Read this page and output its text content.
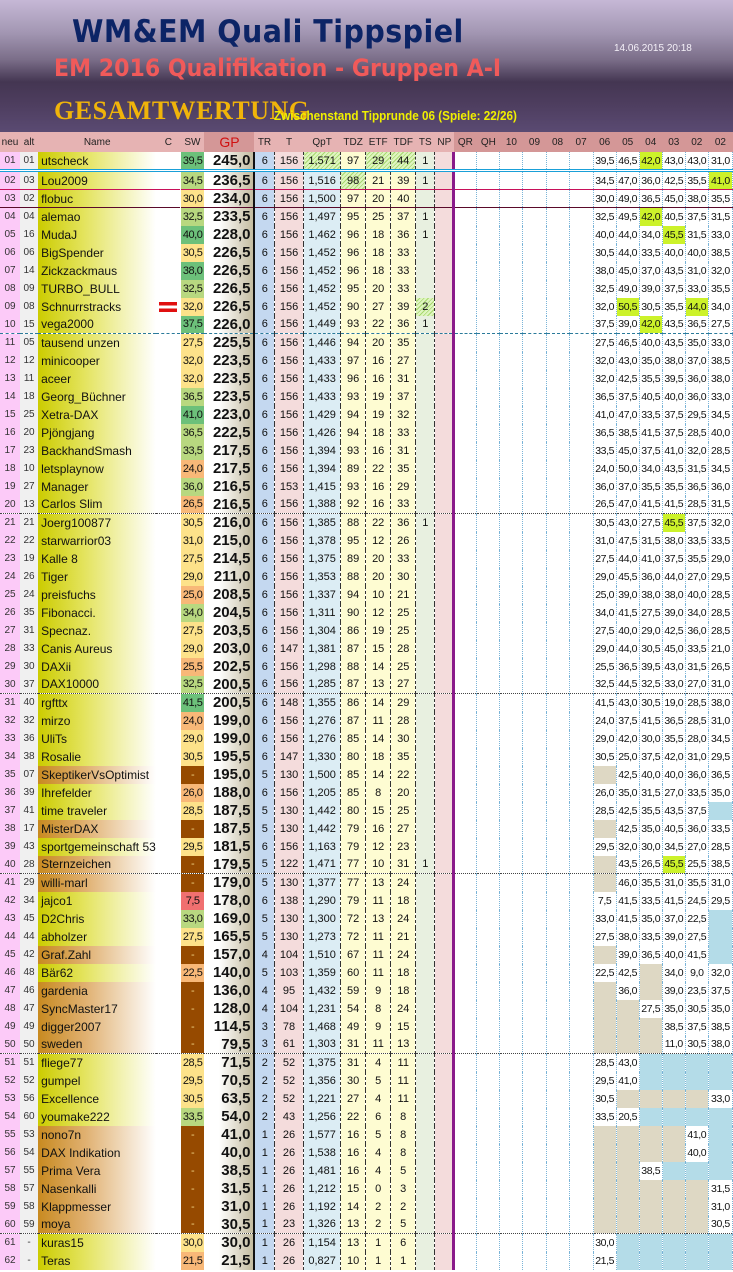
WM&EM Quali Tippspiel
EM 2016 Qualifikation - Gruppen A-I
GESAMTWERTUNG
Zwischenstand Tipprunde 06 (Spiele: 22/26)
14.06.2015 20:18
neu	alt	Name	C	SW	GP	TR	T	QpT	TDZ	ETF	TDF	TS	NP	QR	QH	10	09	08	07	06	05	04	03	02	02
01	01	utscheck		39,5	245,0	6	156	1,571	97	29	44	1								39,5	46,5	42,0	43,0	43,0	31,0
02	03	Lou2009		34,5	236,5	6	156	1,516	98	21	39	1								34,5	47,0	36,0	42,5	35,5	41,0
03	02	flobuc		30,0	234,0	6	156	1,500	97	20	40									30,0	49,0	36,5	45,0	38,0	35,5
04	04	alemao		32,5	233,5	6	156	1,497	95	25	37	1								32,5	49,5	42,0	40,5	37,5	31,5
05	16	MudaJ		40,0	228,0	6	156	1,462	96	18	36	1								40,0	44,0	34,0	45,5	31,5	33,0
06	06	BigSpender		30,5	226,5	6	156	1,452	96	18	33									30,5	44,0	33,5	40,0	40,0	38,5
07	14	Zickzackmaus		38,0	226,5	6	156	1,452	96	18	33									38,0	45,0	37,0	43,5	31,0	32,0
08	09	TURBO_BULL		32,5	226,5	6	156	1,452	95	20	33									32,5	49,0	39,0	37,5	33,0	35,5
09	08	Schnurrstracks		32,0	226,5	6	156	1,452	90	27	39	2								32,0	50,5	30,5	35,5	44,0	34,0
10	15	vega2000		37,5	226,0	6	156	1,449	93	22	36	1								37,5	39,0	42,0	43,5	36,5	27,5
11	05	tausend unzen		27,5	225,5	6	156	1,446	94	20	35									27,5	46,5	40,0	43,5	35,0	33,0
12	12	minicooper		32,0	223,5	6	156	1,433	97	16	27									32,0	43,0	35,0	38,0	37,0	38,5
13	11	aceer		32,0	223,5	6	156	1,433	96	16	31									32,0	42,5	35,5	39,5	36,0	38,0
14	18	Georg_Büchner		36,5	223,5	6	156	1,433	93	19	37									36,5	37,5	40,5	40,0	36,0	33,0
15	25	Xetra-DAX		41,0	223,0	6	156	1,429	94	19	32									41,0	47,0	33,5	37,5	29,5	34,5
16	20	Pjöngjang		36,5	222,5	6	156	1,426	94	18	33									36,5	38,5	41,5	37,5	28,5	40,0
17	23	BackhandSmash		33,5	217,5	6	156	1,394	93	16	31									33,5	45,0	37,5	41,0	32,0	28,5
18	10	letsplaynow		24,0	217,5	6	156	1,394	89	22	35									24,0	50,0	34,0	43,5	31,5	34,5
19	27	Manager		36,0	216,5	6	153	1,415	93	16	29									36,0	37,0	35,5	35,5	36,5	36,0
20	13	Carlos Slim		26,5	216,5	6	156	1,388	92	16	33									26,5	47,0	41,5	41,5	28,5	31,5
21	21	Joerg100877		30,5	216,0	6	156	1,385	88	22	36	1								30,5	43,0	27,5	45,5	37,5	32,0
22	22	starwarrior03		31,0	215,0	6	156	1,378	95	12	26									31,0	47,5	31,5	38,0	33,5	33,5
23	19	Kalle 8		27,5	214,5	6	156	1,375	89	20	33									27,5	44,0	41,0	37,5	35,5	29,0
24	26	Tiger		29,0	211,0	6	156	1,353	88	20	30									29,0	45,5	36,0	44,0	27,0	29,5
25	24	preisfuchs		25,0	208,5	6	156	1,337	94	10	21									25,0	39,0	38,0	38,0	40,0	28,5
26	35	Fibonacci.		34,0	204,5	6	156	1,311	90	12	25									34,0	41,5	27,5	39,0	34,0	28,5
27	31	Specnaz.		27,5	203,5	6	156	1,304	86	19	25									27,5	40,0	29,0	42,5	36,0	28,5
28	33	Canis Aureus		29,0	203,0	6	147	1,381	87	15	28									29,0	44,0	30,5	45,0	33,5	21,0
29	30	DAXii		25,5	202,5	6	156	1,298	88	14	25									25,5	36,5	39,5	43,0	31,5	26,5
30	37	DAX10000		32,5	200,5	6	156	1,285	87	13	27									32,5	44,5	32,5	33,0	27,0	31,0
31	40	rgfttx		41,5	200,5	6	148	1,355	86	14	29									41,5	43,0	30,5	19,0	28,5	38,0
32	32	mirzo		24,0	199,0	6	156	1,276	87	11	28									24,0	37,5	41,5	36,5	28,5	31,0
33	36	UliTs		29,0	199,0	6	156	1,276	85	14	30									29,0	42,0	30,0	35,5	28,0	34,5
34	38	Rosalie		30,5	195,5	6	147	1,330	80	18	35									30,5	25,0	37,5	42,0	31,0	29,5
35	07	SkeptikerVsOptimist		-	195,0	5	130	1,500	85	14	22										42,5	40,0	40,0	36,0	36,5
36	39	Ihrefelder		26,0	188,0	6	156	1,205	85	8	20									26,0	35,0	31,5	27,0	33,5	35,0
37	41	time traveler		28,5	187,5	5	130	1,442	80	15	25									28,5	42,5	35,5	43,5	37,5	
38	17	MisterDAX		-	187,5	5	130	1,442	79	16	27										42,5	35,0	40,5	36,0	33,5
39	43	sportgemeinschaft 53		29,5	181,5	6	156	1,163	79	12	23									29,5	32,0	30,0	34,5	27,0	28,5
40	28	Sternzeichen		-	179,5	5	122	1,471	77	10	31	1									43,5	26,5	45,5	25,5	38,5
41	29	willi-marl		-	179,0	5	130	1,377	77	13	24										46,0	35,5	31,0	35,5	31,0
42	34	jajco1		7,5	178,0	6	138	1,290	79	11	18									7,5	41,5	33,5	41,5	24,5	29,5
43	45	D2Chris		33,0	169,0	5	130	1,300	72	13	24									33,0	41,5	35,0	37,0	22,5	
44	44	abholzer		27,5	165,5	5	130	1,273	72	11	21									27,5	38,0	33,5	39,0	27,5	
45	42	Graf.Zahl		-	157,0	4	104	1,510	67	11	24										39,0	36,5	40,0	41,5	
46	48	Bär62		22,5	140,0	5	103	1,359	60	11	18									22,5	42,5		34,0	9,0	32,0
47	46	gardenia		-	136,0	4	95	1,432	59	9	18										36,0		39,0	23,5	37,5
48	47	SyncMaster17		-	128,0	4	104	1,231	54	8	24											27,5	35,0	30,5	35,0
49	49	digger2007		-	114,5	3	78	1,468	49	9	15												38,5	37,5	38,5
50	50	sweden		-	79,5	3	61	1,303	31	11	13												11,0	30,5	38,0
51	51	fliege77		28,5	71,5	2	52	1,375	31	4	11									28,5	43,0				
52	52	gumpel		29,5	70,5	2	52	1,356	30	5	11									29,5	41,0				
53	56	Excellence		30,5	63,5	2	52	1,221	27	4	11									30,5					33,0
54	60	youmake222		33,5	54,0	2	43	1,256	22	6	8									33,5	20,5				
55	53	nono7n		-	41,0	1	26	1,577	16	5	8													41,0	
56	54	DAX Indikation		-	40,0	1	26	1,538	16	4	8													40,0	
57	55	Prima Vera		-	38,5	1	26	1,481	16	4	5											38,5			
58	57	Nasenkalli		-	31,5	1	26	1,212	15	0	3														31,5
59	58	Klappmesser		-	31,0	1	26	1,192	14	2	2														31,0
60	59	moya		-	30,5	1	23	1,326	13	2	5														30,5
61	-	kuras15		30,0	30,0	1	26	1,154	13	1	6									30,0					
62	-	Teras		21,5	21,5	1	26	0,827	10	1	1									21,5					
